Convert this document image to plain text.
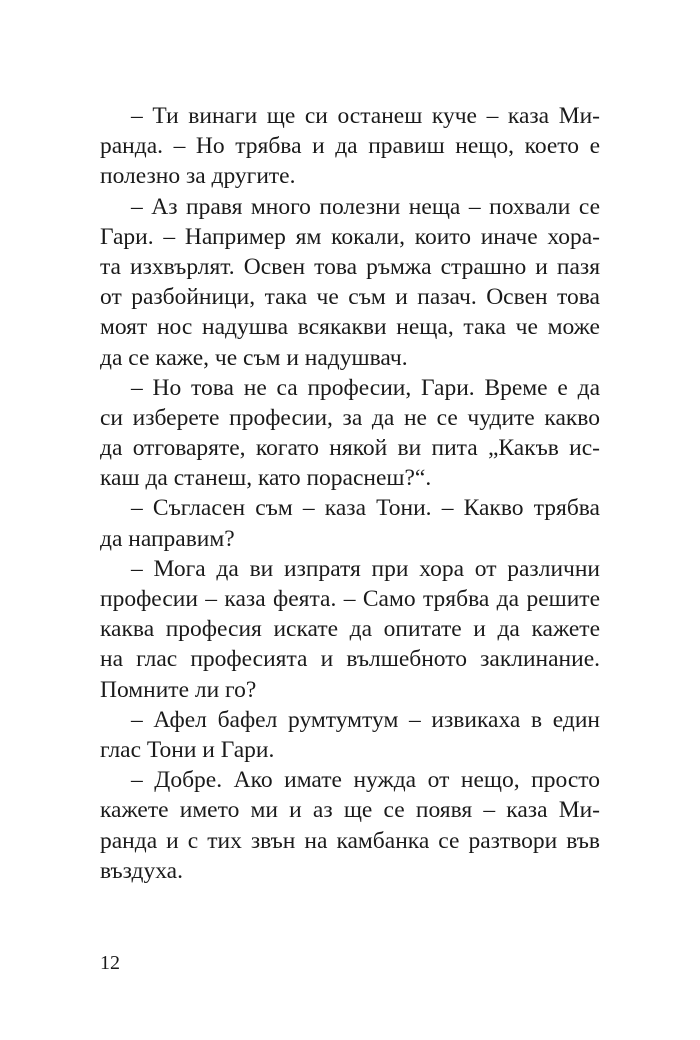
– Ти винаги ще си останеш куче – каза Ми-
ранда. – Но трябва и да правиш нещо, което е
полезно за другите.
– Аз правя много полезни неща – похвали се
Гари. – Например ям кокали, които иначе хора-
та изхвърлят. Освен това ръмжа страшно и пазя
от разбойници, така че съм и пазач. Освен това
моят нос надушва всякакви неща, така че може
да се каже, че съм и надушвач.
– Но това не са професии, Гари. Време е да
си изберете професии, за да не се чудите какво
да отговаряте, когато някой ви пита „Какъв ис-
каш да станеш, като пораснеш?“.
– Съгласен съм – каза Тони. – Какво трябва
да направим?
– Мога да ви изпратя при хора от различни
професии – каза феята. – Само трябва да решите
каква професия искате да опитате и да кажете
на глас професията и вълшебното заклинание.
Помните ли го?
– Афел бафел румтумтум – извикаха в един
глас Тони и Гари.
– Добре. Ако имате нужда от нещо, просто
кажете името ми и аз ще се появя – каза Ми-
ранда и с тих звън на камбанка се разтвори във
въздуха.
12
